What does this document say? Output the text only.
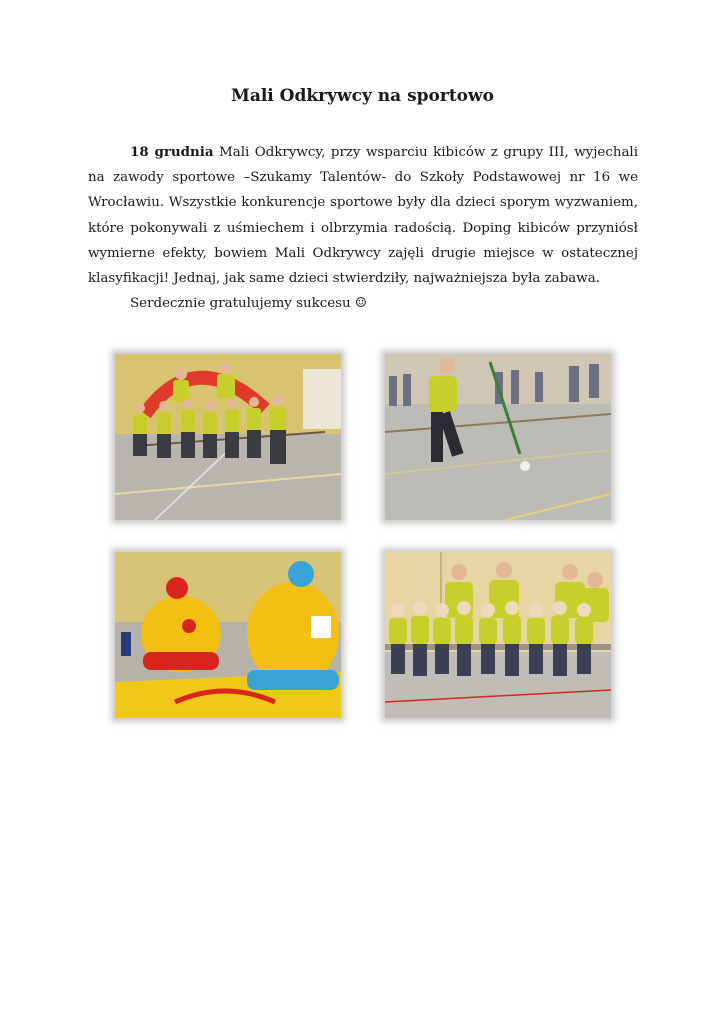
Mali Odkrywcy na sportowo

18 grudnia Mali Odkrywcy, przy wsparciu kibiców z grupy III, wyjechali na zawody sportowe –Szukamy Talentów- do Szkoły Podstawowej nr 16 we Wrocławiu. Wszystkie konkurencje sportowe były dla dzieci sporym wyzwaniem, które pokonywali z uśmiechem i olbrzymia radością. Doping kibiców przyniósł wymierne efekty, bowiem Mali Odkrywcy zajęli drugie miejsce w ostatecznej klasyfikacji! Jednaj, jak same dzieci stwierdziły, najważniejsza była zabawa.

Serdecznie gratulujemy sukcesu ☺
